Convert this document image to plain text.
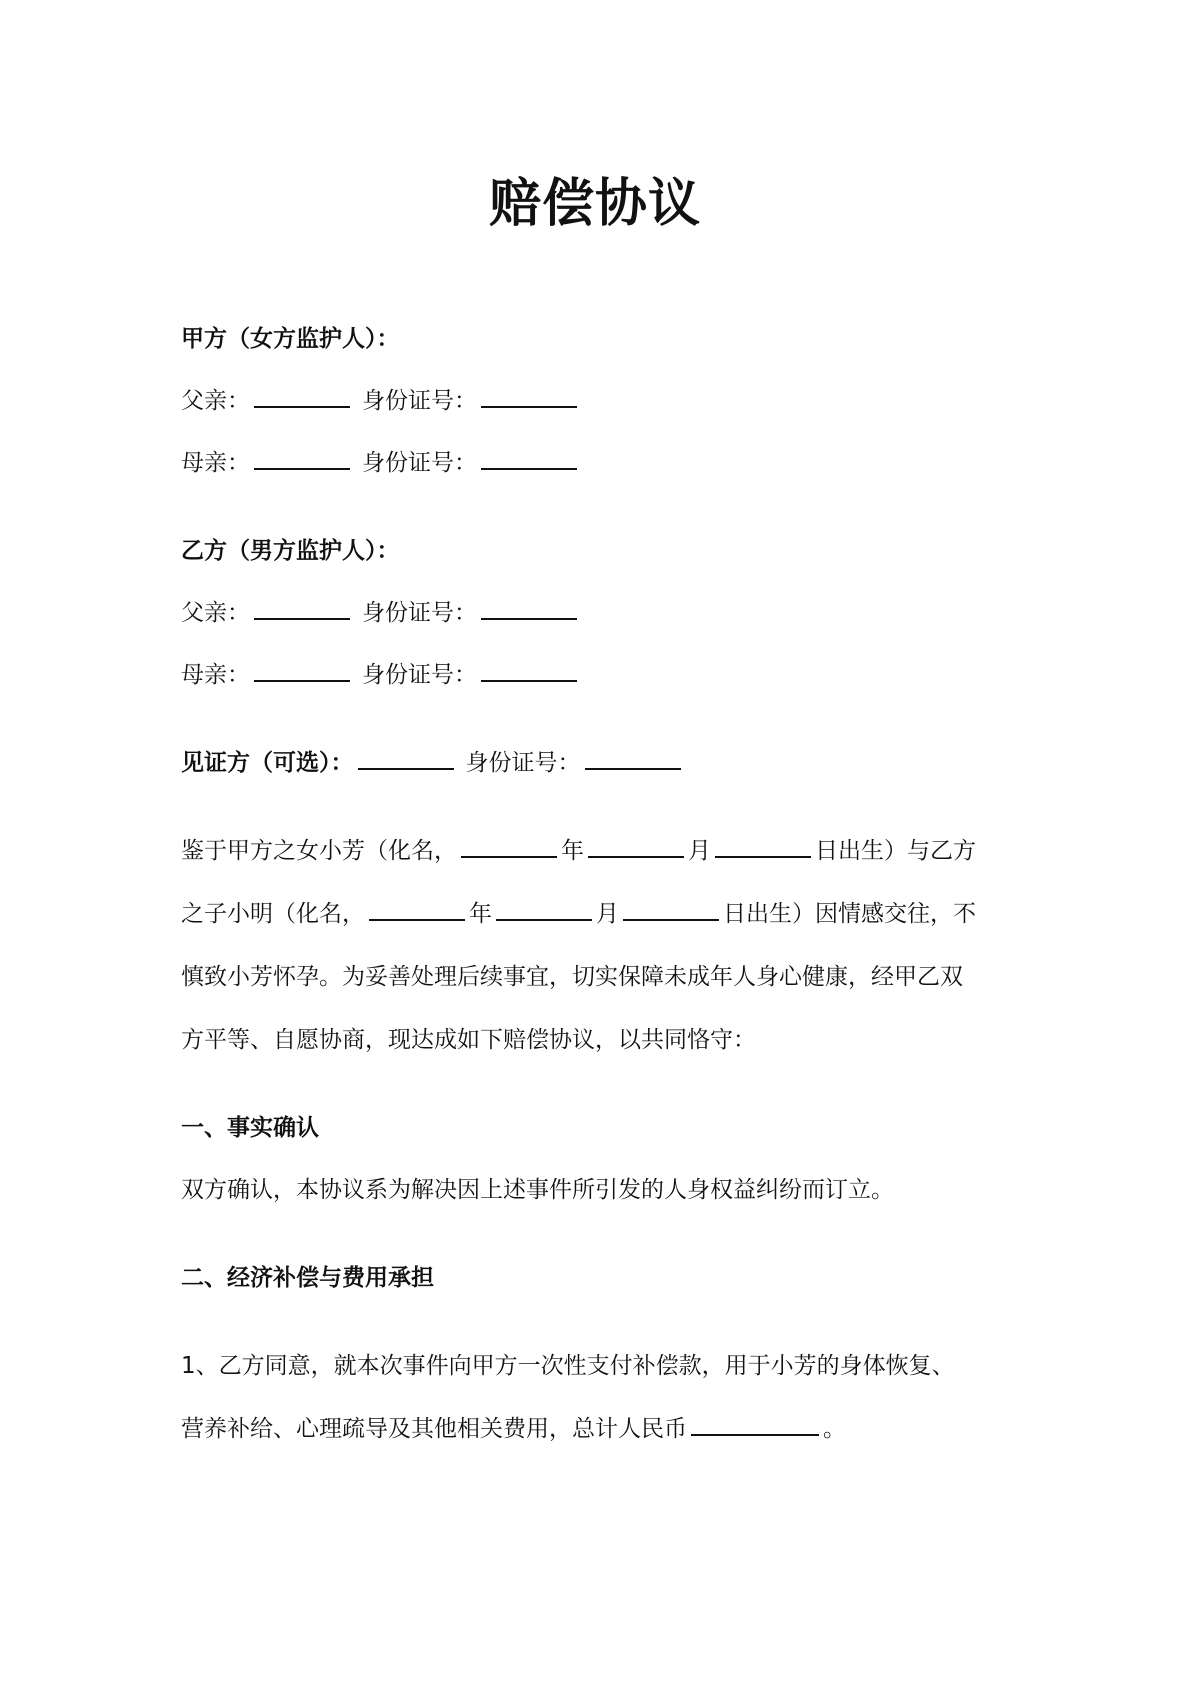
赔偿协议
甲方（女方监护人）：
父亲：	身份证号：
母亲：	身份证号：
乙方（男方监护人）：
父亲：	身份证号：
母亲：	身份证号：
见证方（可选）：	身份证号：
鉴于甲方之女小芳（化名，	年	月	日出生）与乙方
之子小明（化名，	年	月	日出生）因情感交往，不
慎致小芳怀孕。为妥善处理后续事宜，切实保障未成年人身心健康，经甲乙双
方平等、自愿协商，现达成如下赔偿协议，以共同恪守：
一、事实确认
双方确认，本协议系为解决因上述事件所引发的人身权益纠纷而订立。
二、经济补偿与费用承担
1、乙方同意，就本次事件向甲方一次性支付补偿款，用于小芳的身体恢复、
营养补给、心理疏导及其他相关费用，总计人民币	。
